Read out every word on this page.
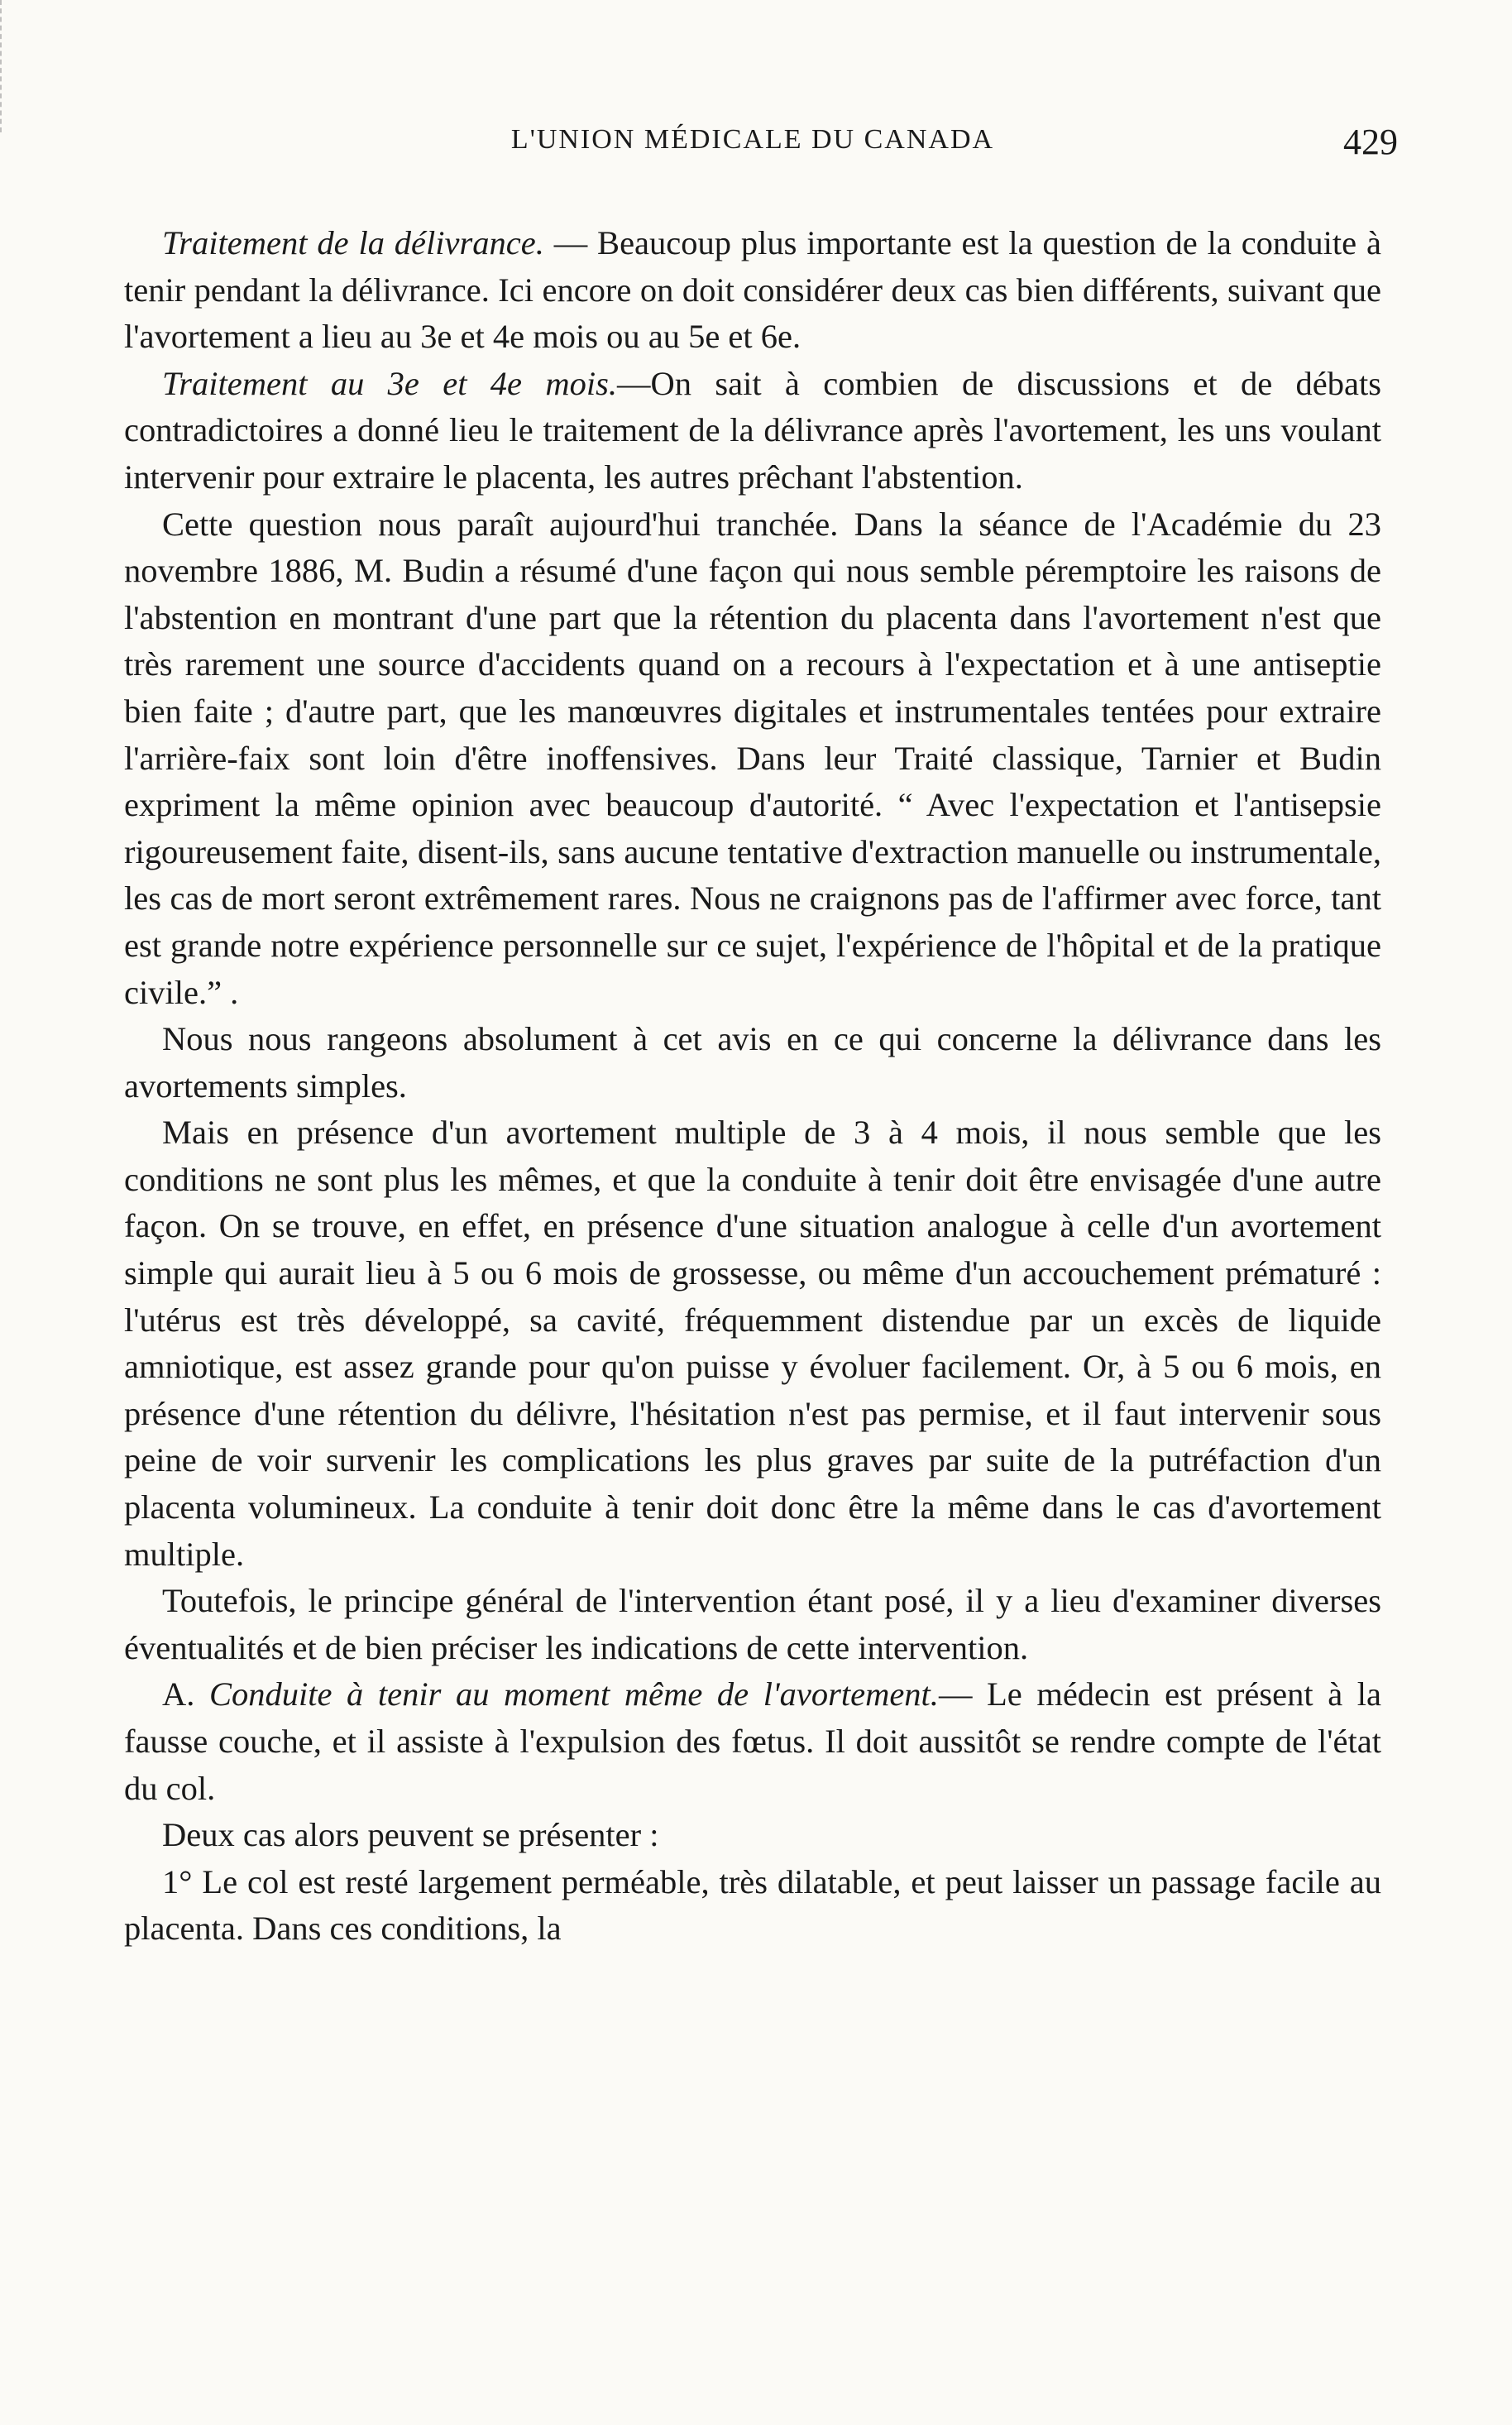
L'UNION MÉDICALE DU CANADA	429

Traitement de la délivrance. — Beaucoup plus importante est la question de la conduite à tenir pendant la délivrance. Ici encore on doit considérer deux cas bien différents, suivant que l'avortement a lieu au 3e et 4e mois ou au 5e et 6e.

Traitement au 3e et 4e mois.—On sait à combien de discussions et de débats contradictoires a donné lieu le traitement de la délivrance après l'avortement, les uns voulant intervenir pour extraire le placenta, les autres prêchant l'abstention.

Cette question nous paraît aujourd'hui tranchée. Dans la séance de l'Académie du 23 novembre 1886, M. Budin a résumé d'une façon qui nous semble péremptoire les raisons de l'abstention en montrant d'une part que la rétention du placenta dans l'avortement n'est que très rarement une source d'accidents quand on a recours à l'expectation et à une antiseptie bien faite ; d'autre part, que les manœuvres digitales et instrumentales tentées pour extraire l'arrière-faix sont loin d'être inoffensives. Dans leur Traité classique, Tarnier et Budin expriment la même opinion avec beaucoup d'autorité. “ Avec l'expectation et l'antisepsie rigoureusement faite, disent-ils, sans aucune tentative d'extraction manuelle ou instrumentale, les cas de mort seront extrêmement rares. Nous ne craignons pas de l'affirmer avec force, tant est grande notre expérience personnelle sur ce sujet, l'expérience de l'hôpital et de la pratique civile.” .

Nous nous rangeons absolument à cet avis en ce qui concerne la délivrance dans les avortements simples.

Mais en présence d'un avortement multiple de 3 à 4 mois, il nous semble que les conditions ne sont plus les mêmes, et que la conduite à tenir doit être envisagée d'une autre façon. On se trouve, en effet, en présence d'une situation analogue à celle d'un avortement simple qui aurait lieu à 5 ou 6 mois de grossesse, ou même d'un accouchement prématuré : l'utérus est très développé, sa cavité, fréquemment distendue par un excès de liquide amniotique, est assez grande pour qu'on puisse y évoluer facilement. Or, à 5 ou 6 mois, en présence d'une rétention du délivre, l'hésitation n'est pas permise, et il faut intervenir sous peine de voir survenir les complications les plus graves par suite de la putréfaction d'un placenta volumineux. La conduite à tenir doit donc être la même dans le cas d'avortement multiple.

Toutefois, le principe général de l'intervention étant posé, il y a lieu d'examiner diverses éventualités et de bien préciser les indications de cette intervention.

A. Conduite à tenir au moment même de l'avortement.— Le médecin est présent à la fausse couche, et il assiste à l'expulsion des fœtus. Il doit aussitôt se rendre compte de l'état du col.

Deux cas alors peuvent se présenter :

1° Le col est resté largement perméable, très dilatable, et peut laisser un passage facile au placenta. Dans ces conditions, la
